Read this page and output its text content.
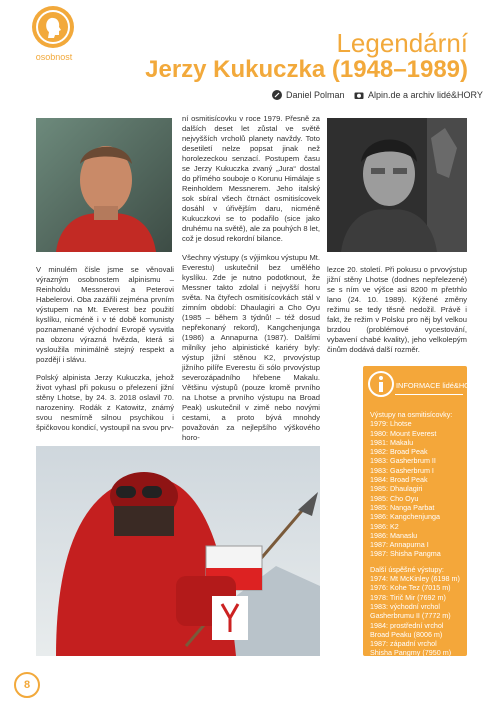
osobnost	Legendární
Jerzy Kukuczka (1948–1989)
Daniel Polman	Alpin.de a archiv lidé&HORY
ní osmitisícovku v roce 1979. Přesně za dalších deset let zůstal ve světě nejvyšších vrcholů planety navždy. Toto desetiletí nelze popsat jinak než horolezeckou senzací. Postupem času se Jerzy Kukuczka zvaný „Jura“ dostal do přímého souboje o Korunu Himálaje s Reinholdem Messnerem. Jeho italský sok sbíral všech čtrnáct osmitisícovek dosáhl v úřivějším daru, nicméně Kukuczkovi se to podařilo (sice jako druhému na světě), ale za pouhých 8 let, což je dosud rekordní bilance.

V minulém čísle jsme se věnovali výrazným osobnostem alpinismu – Reinholdu Messnerovi a Peterovi Habelerovi. Oba zazářili zejména prvním výstupem na Mt. Everest bez použití kyslíku, nicméně i v té době komunisty poznamenané východní Evropě vysvitla na obzoru výrazná hvězda, která si vysloužila minimálně stejný respekt a pozdějí i slávu.

Polský alpinista Jerzy Kukuczka, jehož život vyhasl při pokusu o přelezení jižní stěny Lhotse, by 24. 3. 2018 oslavil 70. narozeniny. Rodák z Katowitz, známý svou nesmírně silnou psychikou i špičkovou kondicí, vystoupil na svou prv-

Všechny výstupy (s výjimkou výstupu Mt. Everestu) uskutečnil bez umělého kyslíku. Zde je nutno podotknout, že Messner takto zdolal i nejvyšší horu světa. Na čtyřech osmitisícovkách stál v zimním období: Dhaulagiri a Cho Oyu (1985 – během 3 týdnů! – též dosud nepřekonaný rekord), Kangchenjunga (1986) a Annapurna (1987). Dalšími milníky jeho alpinistické kariéry byly: výstup jižní stěnou K2, prvovýstup jižního pilíře Everestu či sólo prvovýstup severozápadního hřebene Makalu. Většinu výstupů (pouze kromě prvního na Lhotse a prvního výstupu na Broad Peak) uskutečnil v zimě nebo novými cestami, a proto bývá mnohdy považován za nejlepšího výškového horo-
lezce 20. století. Při pokusu o prvovýstup jižní stěny Lhotse (dodnes nepřelezené) se s ním ve výšce asi 8200 m přetrhlo lano (24. 10. 1989). Kýžené změny režimu se tedy těsně nedožil. Právě i fakt, že režim v Polsku pro něj byl velkou brzdou (problémové vycestování, vybavení chabé kvality), jeho velkolepým činům dodává další rozměr.
INFORMACE lidé&HORY
Výstupy na osmitisícovky:
1979: Lhotse
1980: Mount Everest
1981: Makalu
1982: Broad Peak
1983: Gasherbrum II
1983: Gasherbrum I
1984: Broad Peak
1985: Dhaulagiri
1985: Cho Oyu
1985: Nanga Parbat
1986: Kangchenjunga
1986: K2
1986: Manaslu
1987: Annapurna I
1987: Shisha Pangma
Další úspěšné výstupy:
1974: Mt McKinley (6198 m)
1976: Kohe Tez (7015 m)
1978: Tirič Mir (7692 m)
1983: východní vrchol
Gasherbrumu II (7772 m)
1984: prostřední vrchol
Broad Peaku (8006 m)
1987: západní vrchol
Shisha Pangmy (7950 m)
1988: východní vrchol
Annapurny (8010 m)
8
